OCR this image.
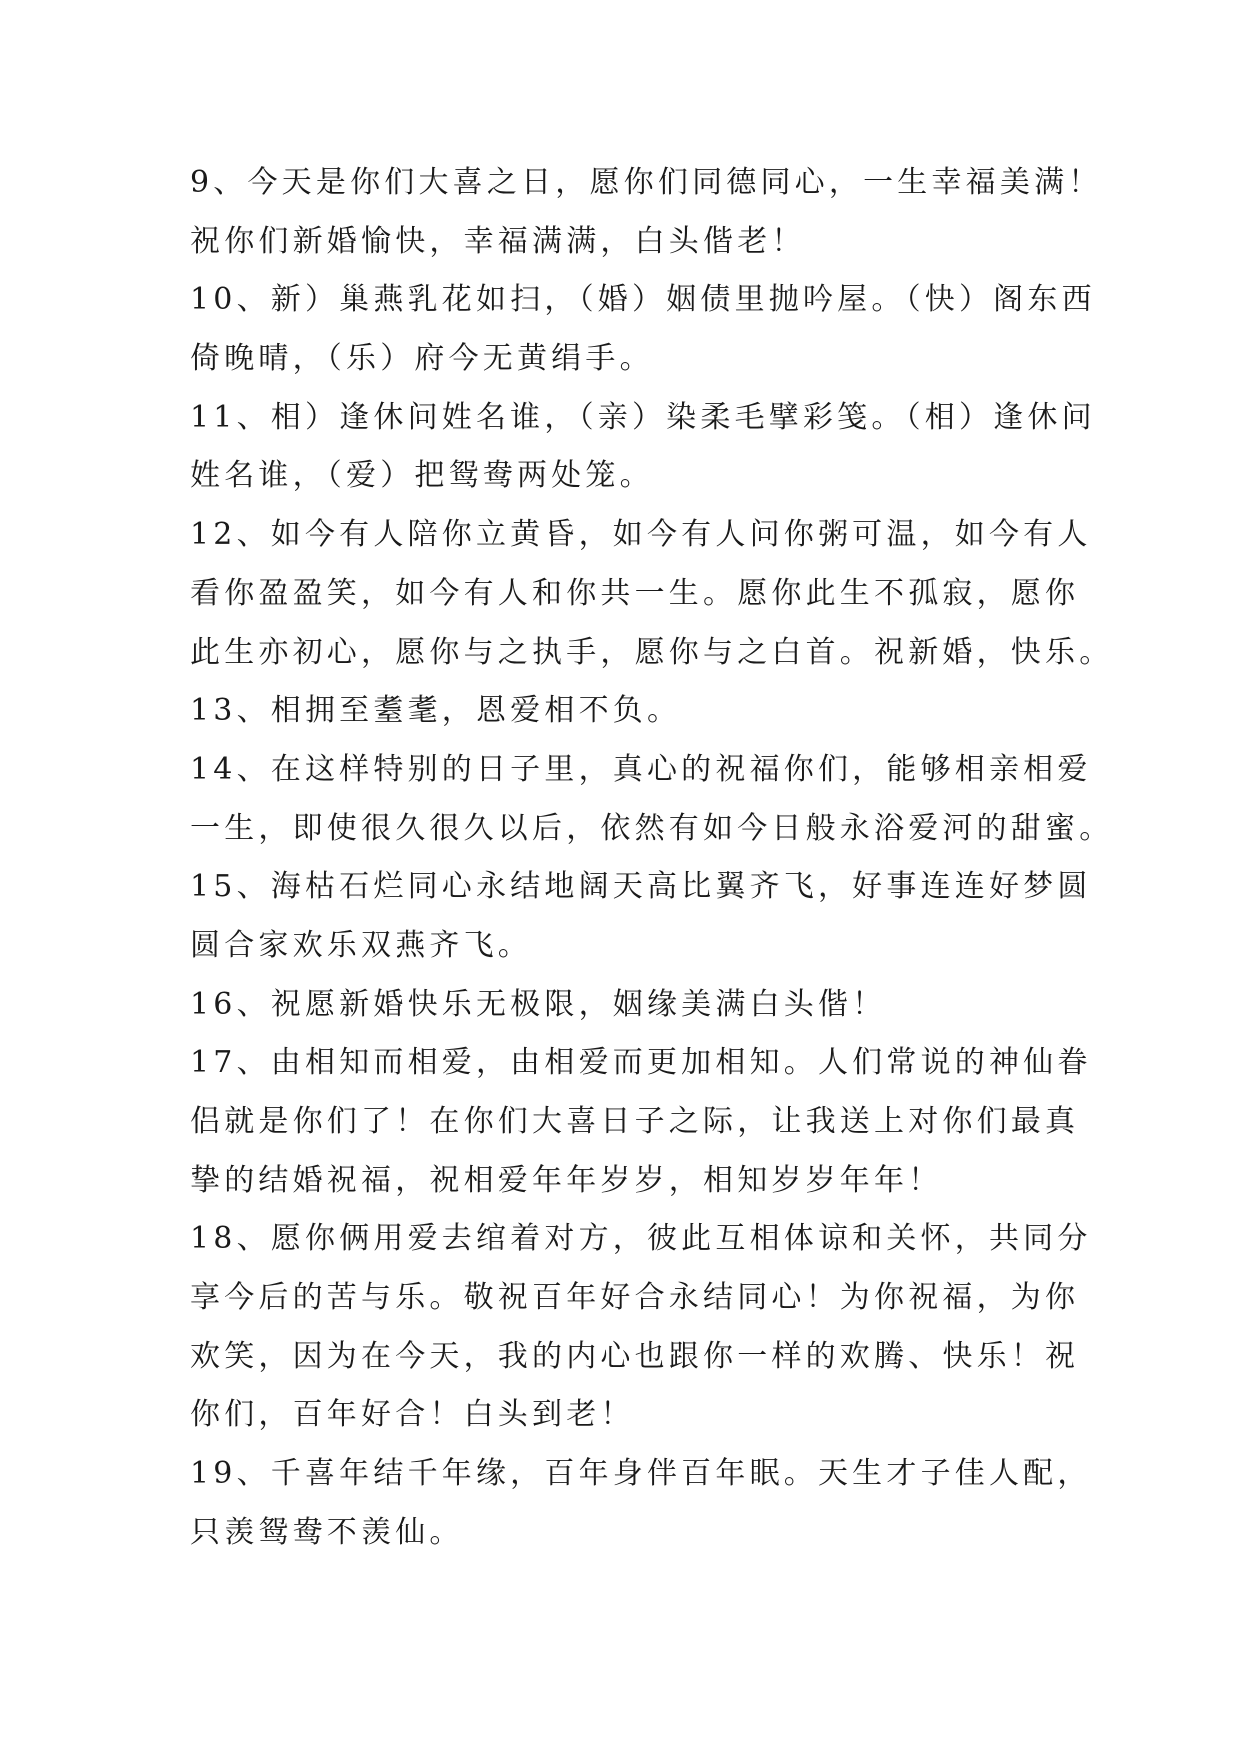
9、今天是你们大喜之日，愿你们同德同心，一生幸福美满！
祝你们新婚愉快，幸福满满，白头偕老！
10、新）巢燕乳花如扫，（婚）姻债里抛吟屋。（快）阁东西
倚晚晴，（乐）府今无黄绢手。
11、相）逢休问姓名谁，（亲）染柔毛擘彩笺。（相）逢休问
姓名谁，（爱）把鸳鸯两处笼。
12、如今有人陪你立黄昏，如今有人问你粥可温，如今有人
看你盈盈笑，如今有人和你共一生。愿你此生不孤寂，愿你
此生亦初心，愿你与之执手，愿你与之白首。祝新婚，快乐。
13、相拥至耋耄，恩爱相不负。
14、在这样特别的日子里，真心的祝福你们，能够相亲相爱
一生，即使很久很久以后，依然有如今日般永浴爱河的甜蜜。
15、海枯石烂同心永结地阔天高比翼齐飞，好事连连好梦圆
圆合家欢乐双燕齐飞。
16、祝愿新婚快乐无极限，姻缘美满白头偕！
17、由相知而相爱，由相爱而更加相知。人们常说的神仙眷
侣就是你们了！在你们大喜日子之际，让我送上对你们最真
挚的结婚祝福，祝相爱年年岁岁，相知岁岁年年！
18、愿你俩用爱去绾着对方，彼此互相体谅和关怀，共同分
享今后的苦与乐。敬祝百年好合永结同心！为你祝福，为你
欢笑，因为在今天，我的内心也跟你一样的欢腾、快乐！祝
你们，百年好合！白头到老！
19、千喜年结千年缘，百年身伴百年眠。天生才子佳人配，
只羡鸳鸯不羡仙。
